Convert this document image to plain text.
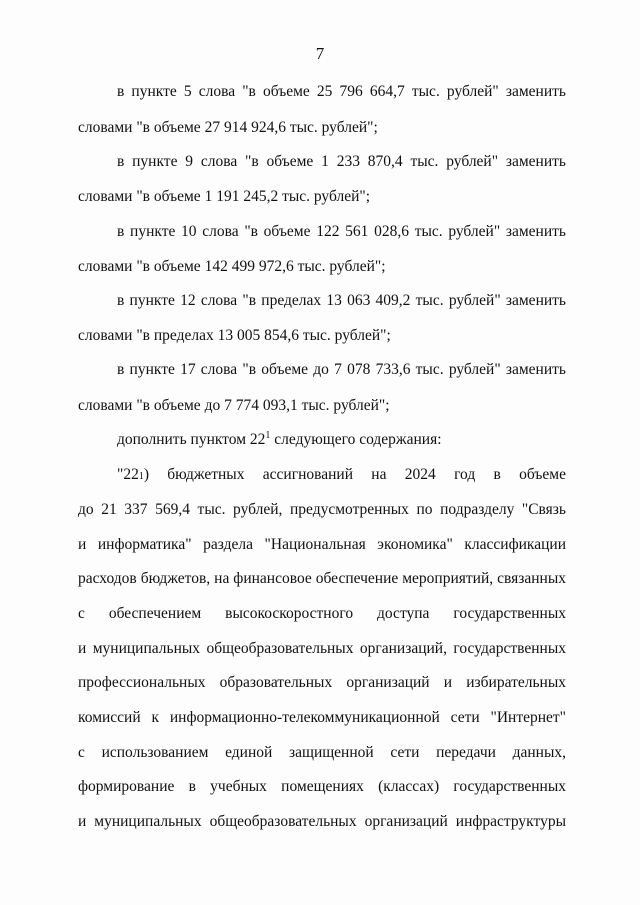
7
в пункте 5 слова "в объеме 25 796 664,7 тыс. рублей" заменить
словами "в объеме 27 914 924,6 тыс. рублей";
в пункте 9 слова "в объеме 1 233 870,4 тыс. рублей" заменить
словами "в объеме 1 191 245,2 тыс. рублей";
в пункте 10 слова "в объеме 122 561 028,6 тыс. рублей" заменить
словами "в объеме 142 499 972,6 тыс. рублей";
в пункте 12 слова "в пределах 13 063 409,2 тыс. рублей" заменить
словами "в пределах 13 005 854,6 тыс. рублей";
в пункте 17 слова "в объеме до 7 078 733,6 тыс. рублей" заменить
словами "в объеме до 7 774 093,1 тыс. рублей";
дополнить пунктом $22^1$ следующего содержания:
"22 1 ) бюджетных ассигнований на 2024 год в объеме
до 21 337 569,4 тыс. рублей, предусмотренных по подразделу "Связь
и информатика" раздела "Национальная экономика" классификации
расходов бюджетов, на финансовое обеспечение мероприятий, связанных
с обеспечением высокоскоростного доступа государственных
и муниципальных общеобразовательных организаций, государственных
профессиональных образовательных организаций и избирательных
комиссий к информационно-телекоммуникационной сети "Интернет"
с использованием единой защищенной сети передачи данных,
формирование в учебных помещениях (классах) государственных
и муниципальных общеобразовательных организаций инфраструктуры
